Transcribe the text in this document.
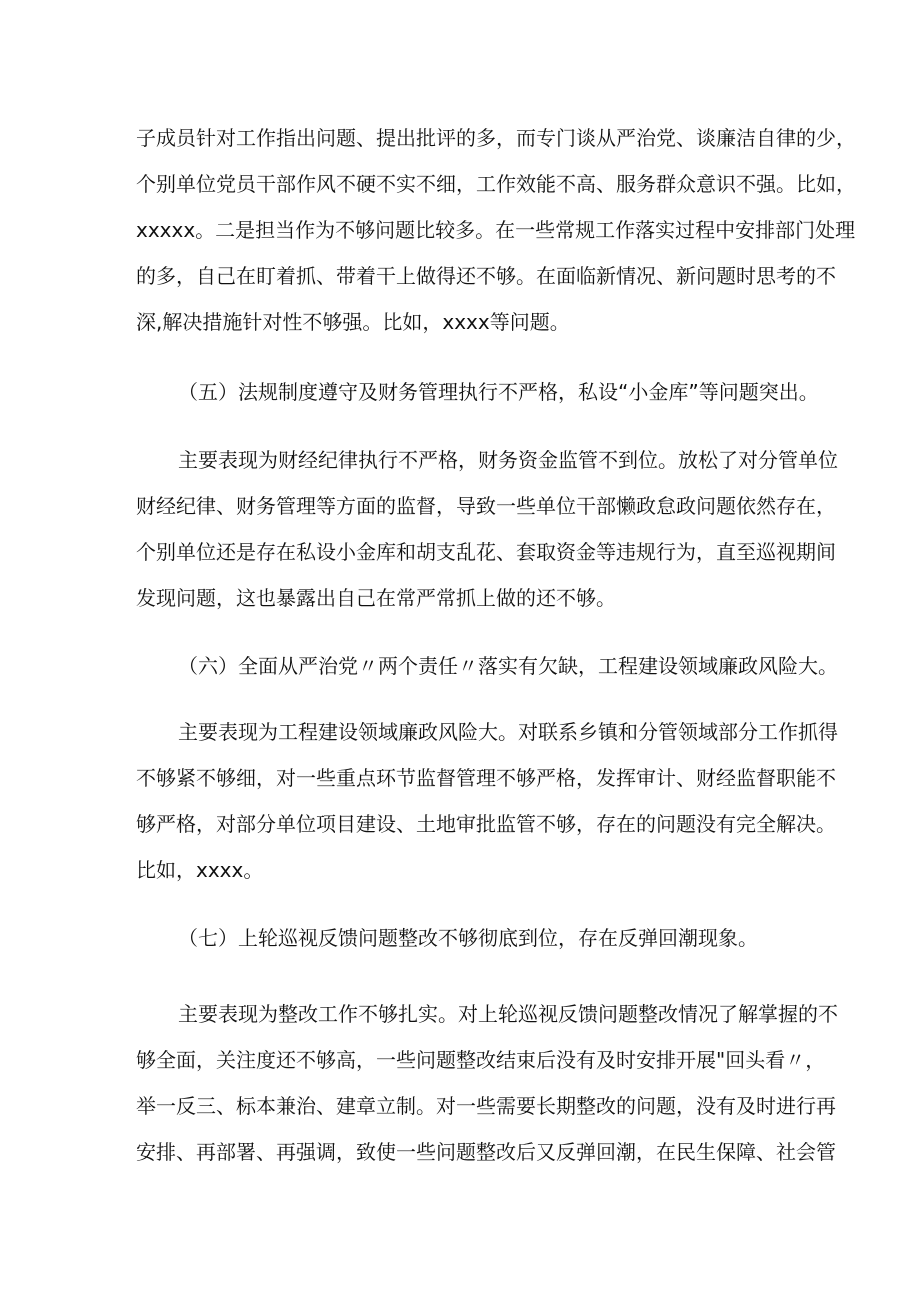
子成员针对工作指出问题、提出批评的多，而专门谈从严治党、谈廉洁自律的少，
个别单位党员干部作风不硬不实不细，工作效能不高、服务群众意识不强。比如，
xxxxx。二是担当作为不够问题比较多。在一些常规工作落实过程中安排部门处理
的多，自己在盯着抓、带着干上做得还不够。在面临新情况、新问题时思考的不
深,解决措施针对性不够强。比如，xxxx等问题。
（五）法规制度遵守及财务管理执行不严格，私设“小金库”等问题突出。
主要表现为财经纪律执行不严格，财务资金监管不到位。放松了对分管单位
财经纪律、财务管理等方面的监督，导致一些单位干部懒政怠政问题依然存在，
个别单位还是存在私设小金库和胡支乱花、套取资金等违规行为，直至巡视期间
发现问题，这也暴露出自己在常严常抓上做的还不够。
（六）全面从严治党〃两个责任〃落实有欠缺，工程建设领域廉政风险大。
主要表现为工程建设领域廉政风险大。对联系乡镇和分管领域部分工作抓得
不够紧不够细，对一些重点环节监督管理不够严格，发挥审计、财经监督职能不
够严格，对部分单位项目建设、土地审批监管不够，存在的问题没有完全解决。
比如，xxxx。
（七）上轮巡视反馈问题整改不够彻底到位，存在反弹回潮现象。
主要表现为整改工作不够扎实。对上轮巡视反馈问题整改情况了解掌握的不
够全面，关注度还不够高，一些问题整改结束后没有及时安排开展"回头看〃，
举一反三、标本兼治、建章立制。对一些需要长期整改的问题，没有及时进行再
安排、再部署、再强调，致使一些问题整改后又反弹回潮，在民生保障、社会管
